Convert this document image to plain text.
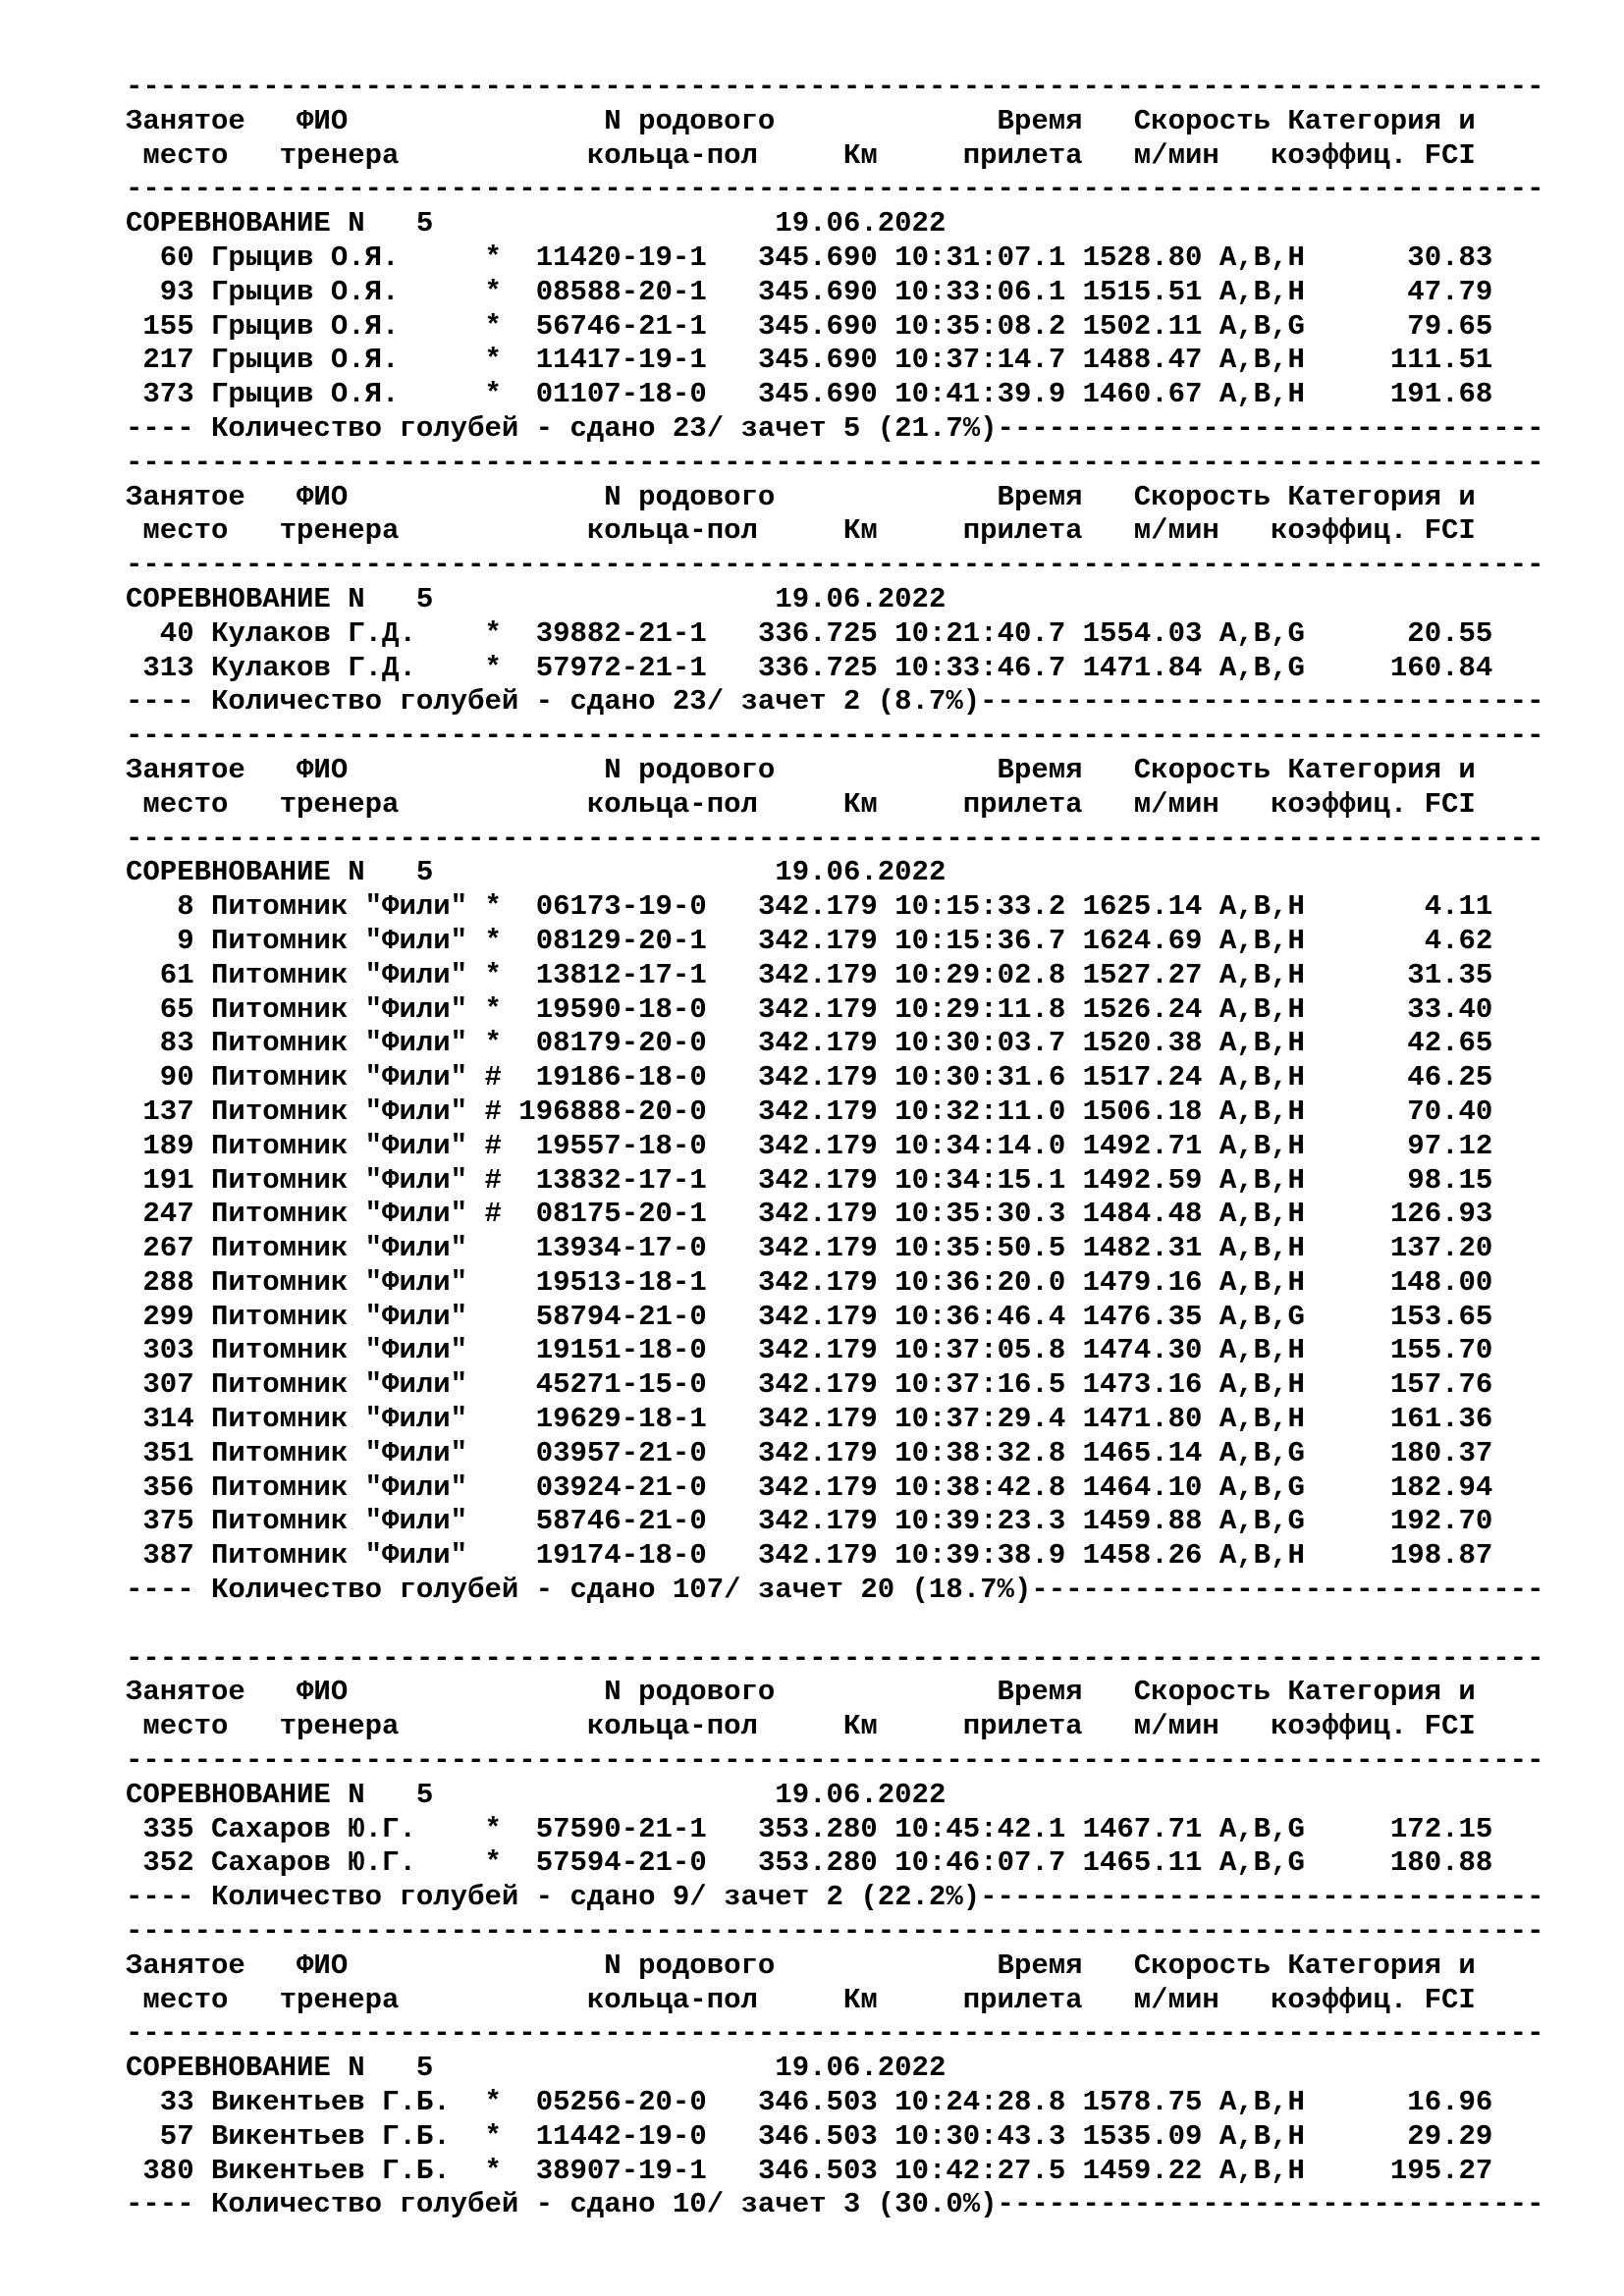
-----------------------------------------------------------------------------------
Занятое   ФИО               N родового             Время   Скорость Категория и
место   тренера           кольца-пол     Км     прилета   м/мин   коэффиц. FCI
-----------------------------------------------------------------------------------
СОРЕВНОВАНИЕ N   5	19.06.2022
60 Грыцив О.Я.     *  11420-19-1   345.690 10:31:07.1 1528.80 A,B,H      30.83
93 Грыцив О.Я.     *  08588-20-1   345.690 10:33:06.1 1515.51 A,B,H      47.79
155 Грыцив О.Я.     *  56746-21-1   345.690 10:35:08.2 1502.11 A,B,G      79.65
217 Грыцив О.Я.     *  11417-19-1   345.690 10:37:14.7 1488.47 A,B,H     111.51
373 Грыцив О.Я.     *  01107-18-0   345.690 10:41:39.9 1460.67 A,B,H     191.68
---- Количество голубей - сдано 23/ зачет 5 (21.7%)--------------------------------
-----------------------------------------------------------------------------------
Занятое   ФИО               N родового             Время   Скорость Категория и
место   тренера           кольца-пол     Км     прилета   м/мин   коэффиц. FCI
-----------------------------------------------------------------------------------
СОРЕВНОВАНИЕ N   5	19.06.2022
40 Кулаков Г.Д.    *  39882-21-1   336.725 10:21:40.7 1554.03 A,B,G      20.55
313 Кулаков Г.Д.    *  57972-21-1   336.725 10:33:46.7 1471.84 A,B,G     160.84
---- Количество голубей - сдано 23/ зачет 2 (8.7%)---------------------------------
-----------------------------------------------------------------------------------
Занятое   ФИО               N родового             Время   Скорость Категория и
место   тренера           кольца-пол     Км     прилета   м/мин   коэффиц. FCI
-----------------------------------------------------------------------------------
СОРЕВНОВАНИЕ N   5	19.06.2022
8 Питомник "Фили" *  06173-19-0   342.179 10:15:33.2 1625.14 A,B,H       4.11
9 Питомник "Фили" *  08129-20-1   342.179 10:15:36.7 1624.69 A,B,H       4.62
61 Питомник "Фили" *  13812-17-1   342.179 10:29:02.8 1527.27 A,B,H      31.35
65 Питомник "Фили" *  19590-18-0   342.179 10:29:11.8 1526.24 A,B,H      33.40
83 Питомник "Фили" *  08179-20-0   342.179 10:30:03.7 1520.38 A,B,H      42.65
90 Питомник "Фили" #  19186-18-0   342.179 10:30:31.6 1517.24 A,B,H      46.25
137 Питомник "Фили" # 196888-20-0   342.179 10:32:11.0 1506.18 A,B,H      70.40
189 Питомник "Фили" #  19557-18-0   342.179 10:34:14.0 1492.71 A,B,H      97.12
191 Питомник "Фили" #  13832-17-1   342.179 10:34:15.1 1492.59 A,B,H      98.15
247 Питомник "Фили" #  08175-20-1   342.179 10:35:30.3 1484.48 A,B,H     126.93
267 Питомник "Фили"    13934-17-0   342.179 10:35:50.5 1482.31 A,B,H     137.20
288 Питомник "Фили"    19513-18-1   342.179 10:36:20.0 1479.16 A,B,H     148.00
299 Питомник "Фили"    58794-21-0   342.179 10:36:46.4 1476.35 A,B,G     153.65
303 Питомник "Фили"    19151-18-0   342.179 10:37:05.8 1474.30 A,B,H     155.70
307 Питомник "Фили"    45271-15-0   342.179 10:37:16.5 1473.16 A,B,H     157.76
314 Питомник "Фили"    19629-18-1   342.179 10:37:29.4 1471.80 A,B,H     161.36
351 Питомник "Фили"    03957-21-0   342.179 10:38:32.8 1465.14 A,B,G     180.37
356 Питомник "Фили"    03924-21-0   342.179 10:38:42.8 1464.10 A,B,G     182.94
375 Питомник "Фили"    58746-21-0   342.179 10:39:23.3 1459.88 A,B,G     192.70
387 Питомник "Фили"    19174-18-0   342.179 10:39:38.9 1458.26 A,B,H     198.87
---- Количество голубей - сдано 107/ зачет 20 (18.7%)------------------------------
-----------------------------------------------------------------------------------
Занятое   ФИО               N родового             Время   Скорость Категория и
место   тренера           кольца-пол     Км     прилета   м/мин   коэффиц. FCI
-----------------------------------------------------------------------------------
СОРЕВНОВАНИЕ N   5	19.06.2022
335 Сахаров Ю.Г.    *  57590-21-1   353.280 10:45:42.1 1467.71 A,B,G     172.15
352 Сахаров Ю.Г.    *  57594-21-0   353.280 10:46:07.7 1465.11 A,B,G     180.88
---- Количество голубей - сдано 9/ зачет 2 (22.2%)---------------------------------
-----------------------------------------------------------------------------------
Занятое   ФИО               N родового             Время   Скорость Категория и
место   тренера           кольца-пол     Км     прилета   м/мин   коэффиц. FCI
-----------------------------------------------------------------------------------
СОРЕВНОВАНИЕ N   5	19.06.2022
33 Викентьев Г.Б.  *  05256-20-0   346.503 10:24:28.8 1578.75 A,B,H      16.96
57 Викентьев Г.Б.  *  11442-19-0   346.503 10:30:43.3 1535.09 A,B,H      29.29
380 Викентьев Г.Б.  *  38907-19-1   346.503 10:42:27.5 1459.22 A,B,H     195.27
---- Количество голубей - сдано 10/ зачет 3 (30.0%)--------------------------------
